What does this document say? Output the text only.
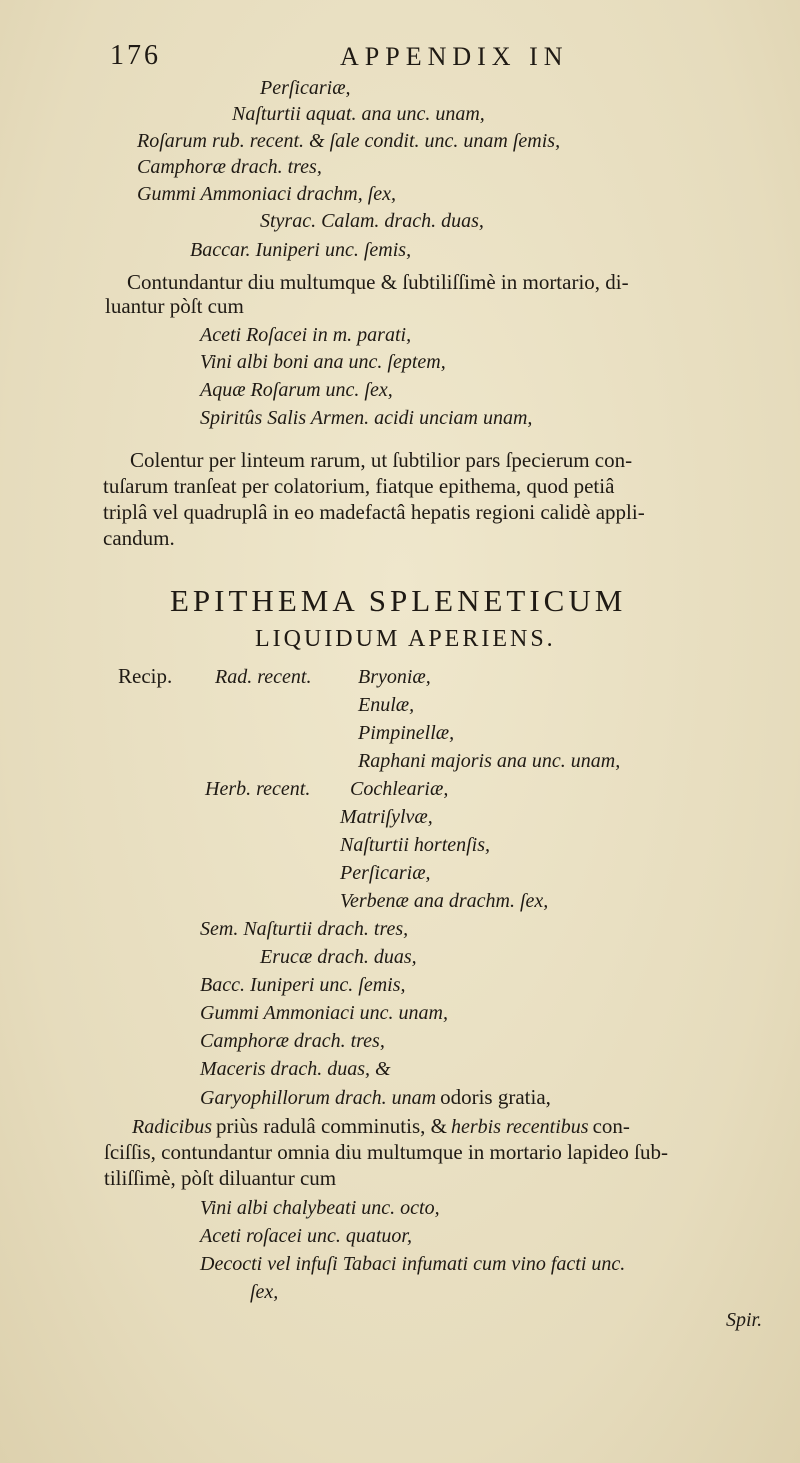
176	APPENDIX IN
Perſicariæ,
Naſturtii aquat. ana unc. unam,
Roſarum rub. recent. & ſale condit. unc. unam ſemis,
Camphoræ drach. tres,
Gummi Ammoniaci drachm, ſex,
Styrac. Calam. drach. duas,
Baccar. Iuniperi unc. ſemis,
Contundantur diu multumque & ſubtiliſſimè in mortario, di-
luantur pòſt cum
Aceti Roſacei in m. parati,
Vini albi boni ana unc. ſeptem,
Aquæ Roſarum unc. ſex,
Spiritûs Salis Armen. acidi unciam unam,
Colentur per linteum rarum, ut ſubtilior pars ſpecierum con-
tuſarum tranſeat per colatorium, fiatque epithema, quod petiâ
triplâ vel quadruplâ in eo madefactâ hepatis regioni calidè appli-
candum.
EPITHEMA SPLENETICUM
LIQUIDUM APERIENS.
Recip. Rad. recent. Bryoniæ,
Enulæ,
Pimpinellæ,
Raphani majoris ana unc. unam,
Herb. recent. Cochleariæ,
Matriſylvæ,
Naſturtii hortenſis,
Perſicariæ,
Verbenæ ana drachm. ſex,
Sem. Naſturtii drach. tres,
Erucæ drach. duas,
Bacc. Iuniperi unc. ſemis,
Gummi Ammoniaci unc. unam,
Camphoræ drach. tres,
Maceris drach. duas, &
Garyophillorum drach. unam odoris gratia,
Radicibus priùs radulâ comminutis, & herbis recentibus con-
ſciſſis, contundantur omnia diu multumque in mortario lapideo ſub-
tiliſſimè, pòſt diluantur cum
Vini albi chalybeati unc. octo,
Aceti roſacei unc. quatuor,
Decocti vel infuſi Tabaci infumati cum vino facti unc.
ſex,
Spir.
